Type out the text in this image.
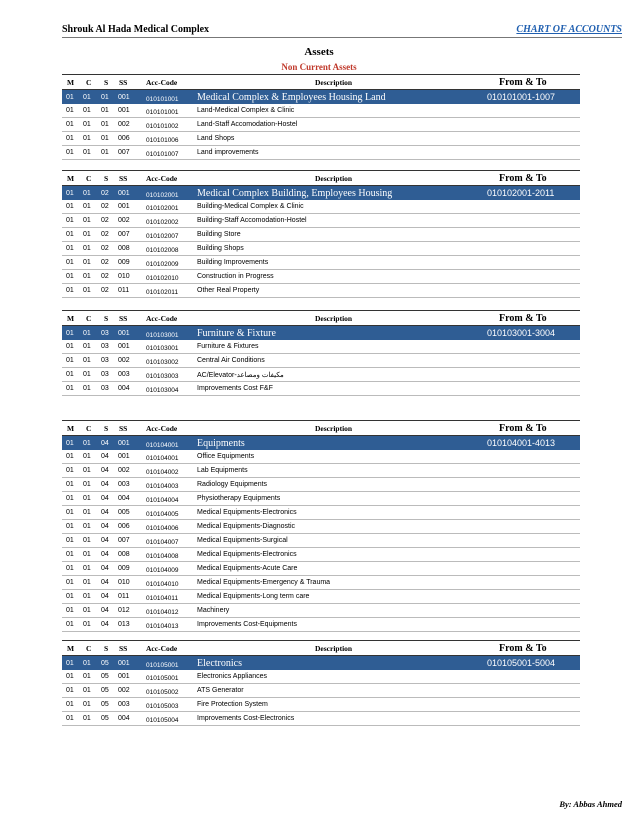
Shrouk Al Hada Medical Complex	CHART OF ACCOUNTS
Assets
Non Current Assets
M C S SS Acc-Code	Description	From & To
01 01 01 001	010101001 Medical Complex & Employees Housing Land	010101001-1007
01 01 01 001	010101001	Land-Medical Complex & Clinic
01 01 01 002	010101002	Land-Staff Accomodation-Hostel
01 01 01 006	010101006	Land Shops
01 01 01 007	010101007	Land improvements
M C S SS Acc-Code	Description	From & To
01 01 02 001	010102001 Medical Complex Building, Employees Housing	010102001-2011
01 01 02 001	010102001	Building-Medical Complex & Clinic
01 01 02 002	010102002	Building-Staff Accomodation-Hostel
01 01 02 007	010102007	Building Store
01 01 02 008	010102008	Building Shops
01 01 02 009	010102009	Building Improvements
01 01 02 010	010102010	Construction in Progress
01 01 02 011	010102011	Other Real Property
M C S SS Acc-Code	Description	From & To
01 01 03 001	010103001 Furniture & Fixture	010103001-3004
01 01 03 001	010103001	Furniture & Fixtures
01 01 03 002	010103002	Central Air Conditions
01 01 03 003	010103003	AC/Elevator-مكيفات ومصاعد
01 01 03 004	010103004	Improvements Cost F&F
M C S SS Acc-Code	Description	From & To
01 01 04 001	010104001 Equipments	010104001-4013
01 01 04 001	010104001	Office Equipments
01 01 04 002	010104002	Lab Equipments
01 01 04 003	010104003	Radiology Equipments
01 01 04 004	010104004	Physiotherapy Equipments
01 01 04 005	010104005	Medical Equipments-Electronics
01 01 04 006	010104006	Medical Equipments-Diagnostic
01 01 04 007	010104007	Medical Equipments-Surgical
01 01 04 008	010104008	Medical Equipments-Electronics
01 01 04 009	010104009	Medical Equipments-Acute Care
01 01 04 010	010104010	Medical Equipments-Emergency & Trauma
01 01 04 011	010104011	Medical Equipments-Long term care
01 01 04 012	010104012	Machinery
01 01 04 013	010104013	Improvements Cost-Equipments
M C S SS Acc-Code	Description	From & To
01 01 05 001	010105001 Electronics	010105001-5004
01 01 05 001	010105001	Electronics Appliances
01 01 05 002	010105002	ATS Generator
01 01 05 003	010105003	Fire Protection System
01 01 05 004	010105004	Improvements Cost-Electronics
By: Abbas Ahmed
